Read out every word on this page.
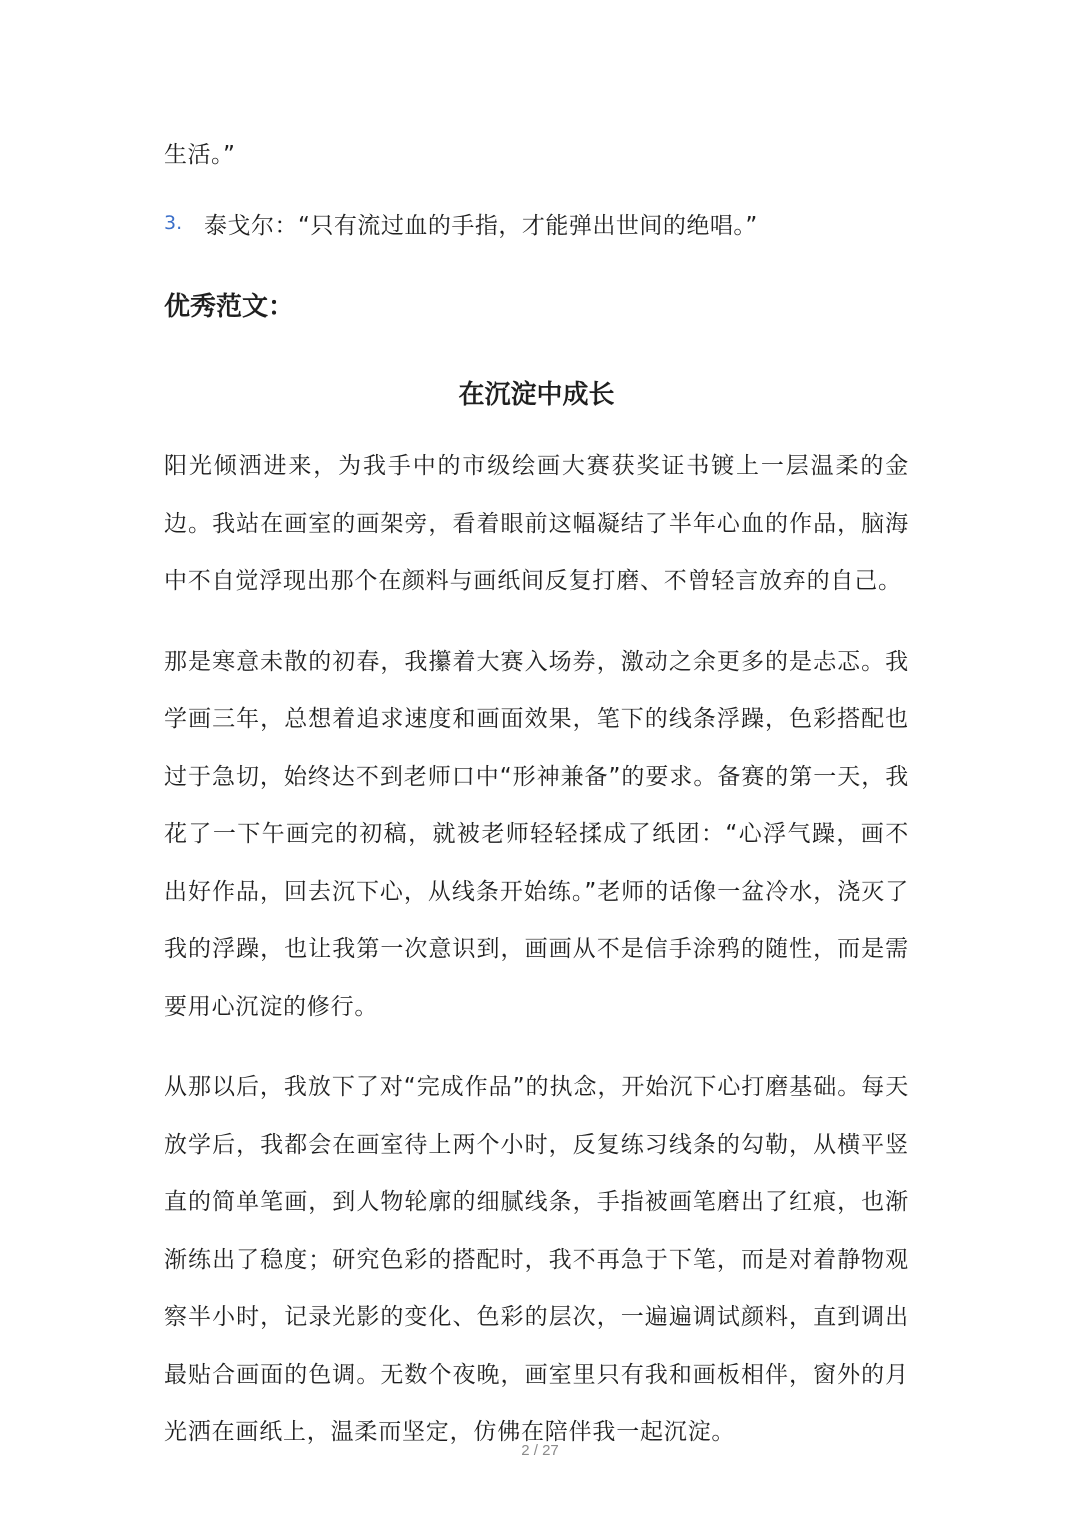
生活。”
3. 泰戈尔：“只有流过血的手指，才能弹出世间的绝唱。”
优秀范文：
在沉淀中成长

阳光倾洒进来，为我手中的市级绘画大赛获奖证书镀上一层温柔的金边。我站在画室的画架旁，看着眼前这幅凝结了半年心血的作品，脑海中不自觉浮现出那个在颜料与画纸间反复打磨、不曾轻言放弃的自己。

那是寒意未散的初春，我攥着大赛入场券，激动之余更多的是忐忑。我学画三年，总想着追求速度和画面效果，笔下的线条浮躁，色彩搭配也过于急切，始终达不到老师口中“形神兼备”的要求。备赛的第一天，我花了一下午画完的初稿，就被老师轻轻揉成了纸团：“心浮气躁，画不出好作品，回去沉下心，从线条开始练。”老师的话像一盆冷水，浇灭了我的浮躁，也让我第一次意识到，画画从不是信手涂鸦的随性，而是需要用心沉淀的修行。

从那以后，我放下了对“完成作品”的执念，开始沉下心打磨基础。每天放学后，我都会在画室待上两个小时，反复练习线条的勾勒，从横平竖直的简单笔画，到人物轮廓的细腻线条，手指被画笔磨出了红痕，也渐渐练出了稳度；研究色彩的搭配时，我不再急于下笔，而是对着静物观察半小时，记录光影的变化、色彩的层次，一遍遍调试颜料，直到调出最贴合画面的色调。无数个夜晚，画室里只有我和画板相伴，窗外的月光洒在画纸上，温柔而坚定，仿佛在陪伴我一起沉淀。

2 / 27
